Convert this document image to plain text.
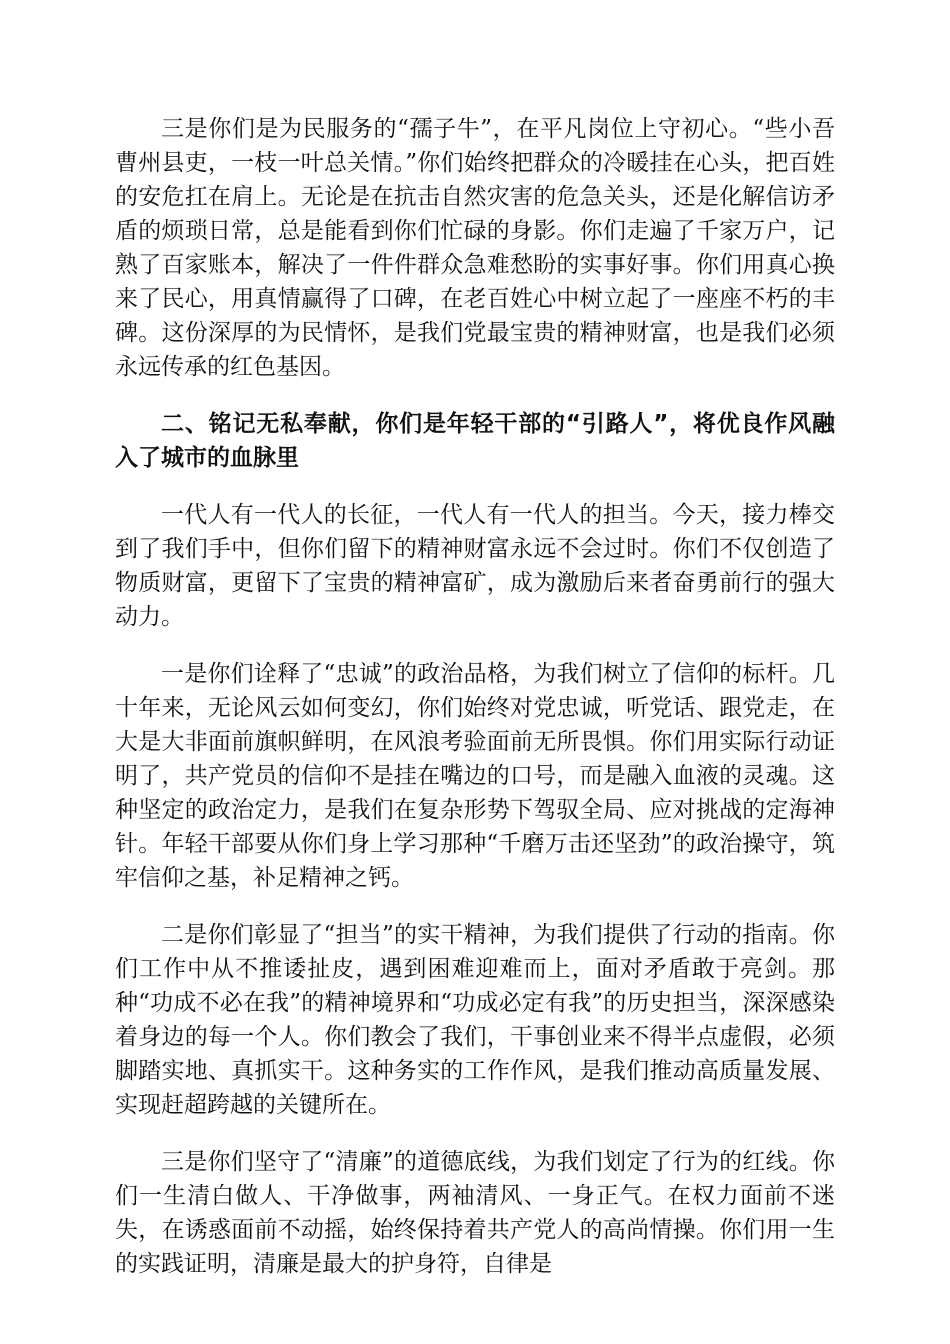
三是你们是为民服务的“孺子牛”，在平凡岗位上守初心。“些小吾曹州县吏，一枝一叶总关情。”你们始终把群众的冷暖挂在心头，把百姓的安危扛在肩上。无论是在抗击自然灾害的危急关头，还是化解信访矛盾的烦琐日常，总是能看到你们忙碌的身影。你们走遍了千家万户，记熟了百家账本，解决了一件件群众急难愁盼的实事好事。你们用真心换来了民心，用真情赢得了口碑，在老百姓心中树立起了一座座不朽的丰碑。这份深厚的为民情怀，是我们党最宝贵的精神财富，也是我们必须永远传承的红色基因。

二、铭记无私奉献，你们是年轻干部的“引路人”，将优良作风融入了城市的血脉里

一代人有一代人的长征，一代人有一代人的担当。今天，接力棒交到了我们手中，但你们留下的精神财富永远不会过时。你们不仅创造了物质财富，更留下了宝贵的精神富矿，成为激励后来者奋勇前行的强大动力。

一是你们诠释了“忠诚”的政治品格，为我们树立了信仰的标杆。几十年来，无论风云如何变幻，你们始终对党忠诚，听党话、跟党走，在大是大非面前旗帜鲜明，在风浪考验面前无所畏惧。你们用实际行动证明了，共产党员的信仰不是挂在嘴边的口号，而是融入血液的灵魂。这种坚定的政治定力，是我们在复杂形势下驾驭全局、应对挑战的定海神针。年轻干部要从你们身上学习那种“千磨万击还坚劲”的政治操守，筑牢信仰之基，补足精神之钙。

二是你们彰显了“担当”的实干精神，为我们提供了行动的指南。你们工作中从不推诿扯皮，遇到困难迎难而上，面对矛盾敢于亮剑。那种“功成不必在我”的精神境界和“功成必定有我”的历史担当，深深感染着身边的每一个人。你们教会了我们，干事创业来不得半点虚假，必须脚踏实地、真抓实干。这种务实的工作作风，是我们推动高质量发展、实现赶超跨越的关键所在。

三是你们坚守了“清廉”的道德底线，为我们划定了行为的红线。你们一生清白做人、干净做事，两袖清风、一身正气。在权力面前不迷失，在诱惑面前不动摇，始终保持着共产党人的高尚情操。你们用一生的实践证明，清廉是最大的护身符，自律是
